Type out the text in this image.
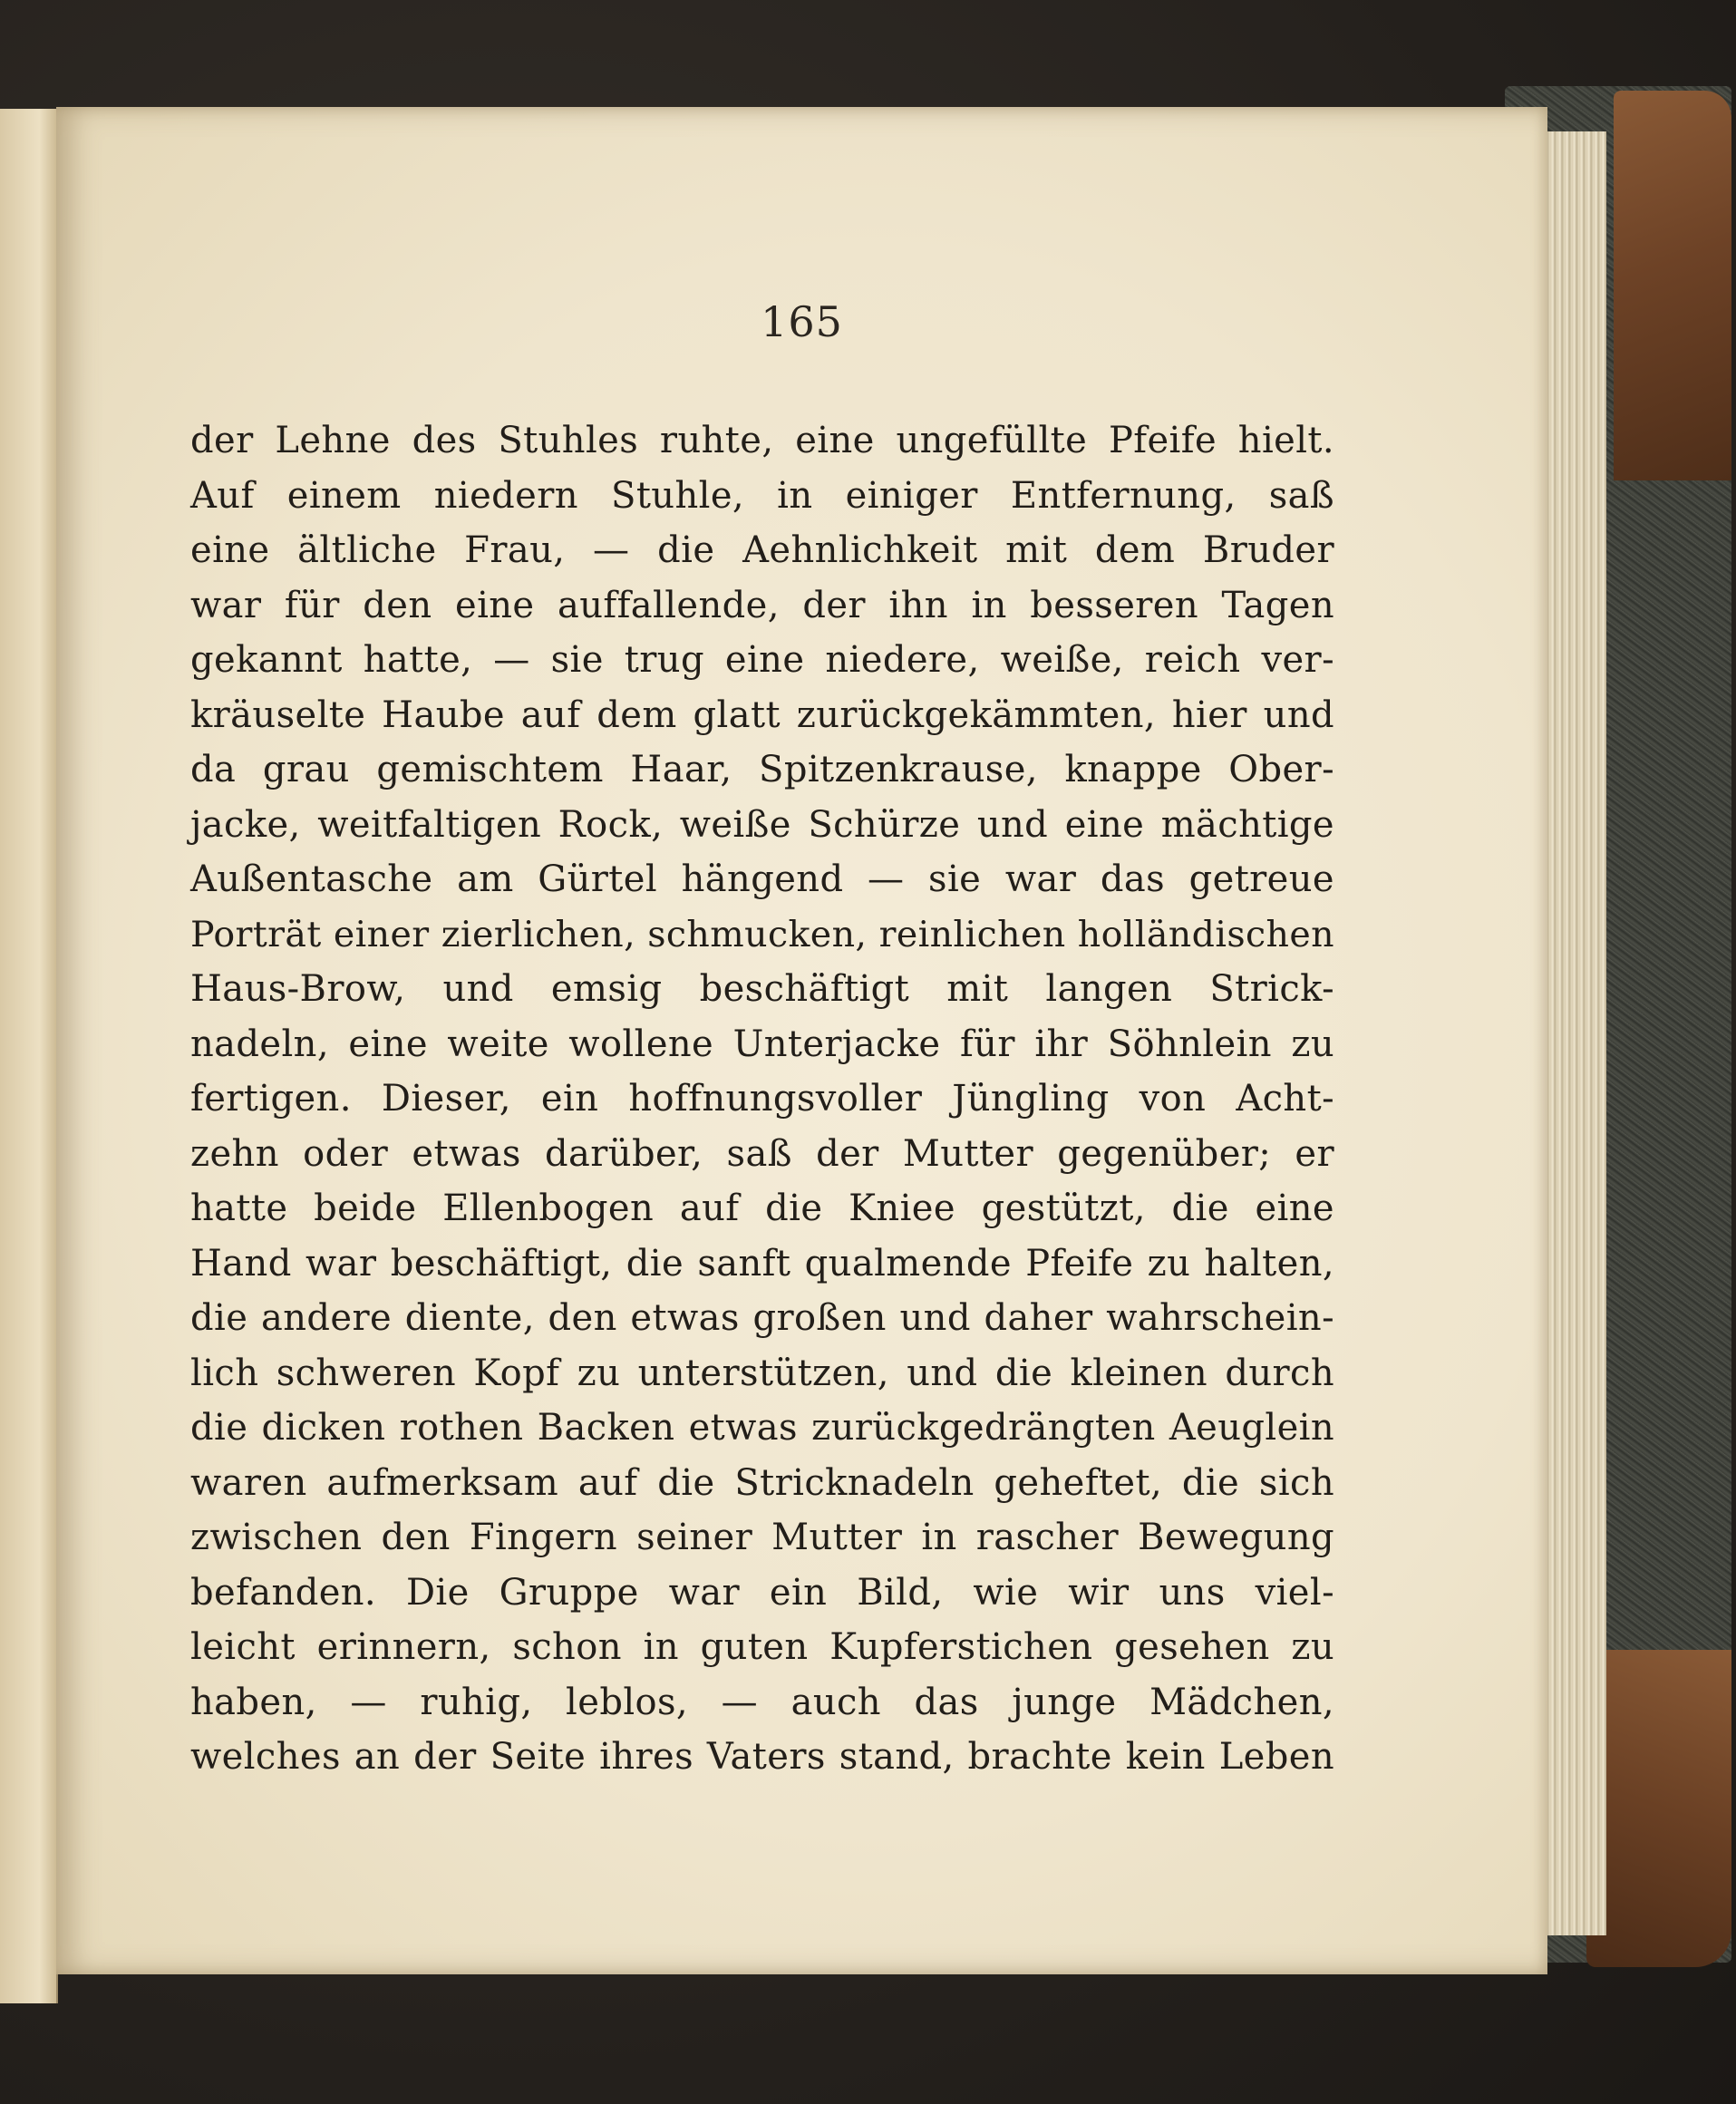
165
der Lehne des Stuhles ruhte, eine ungefüllte Pfeife hielt.
Auf einem niedern Stuhle, in einiger Entfernung, saß
eine ältliche Frau, — die Aehnlichkeit mit dem Bruder
war für den eine auffallende, der ihn in besseren Tagen
gekannt hatte, — sie trug eine niedere, weiße, reich ver-
kräuselte Haube auf dem glatt zurückgekämmten, hier und
da grau gemischtem Haar, Spitzenkrause, knappe Ober-
jacke, weitfaltigen Rock, weiße Schürze und eine mächtige
Außentasche am Gürtel hängend — sie war das getreue
Porträt einer zierlichen, schmucken, reinlichen holländischen
Haus-Brow, und emsig beschäftigt mit langen Strick-
nadeln, eine weite wollene Unterjacke für ihr Söhnlein zu
fertigen. Dieser, ein hoffnungsvoller Jüngling von Acht-
zehn oder etwas darüber, saß der Mutter gegenüber; er
hatte beide Ellenbogen auf die Kniee gestützt, die eine
Hand war beschäftigt, die sanft qualmende Pfeife zu halten,
die andere diente, den etwas großen und daher wahrschein-
lich schweren Kopf zu unterstützen, und die kleinen durch
die dicken rothen Backen etwas zurückgedrängten Aeuglein
waren aufmerksam auf die Stricknadeln geheftet, die sich
zwischen den Fingern seiner Mutter in rascher Bewegung
befanden. Die Gruppe war ein Bild, wie wir uns viel-
leicht erinnern, schon in guten Kupferstichen gesehen zu
haben, — ruhig, leblos, — auch das junge Mädchen,
welches an der Seite ihres Vaters stand, brachte kein Leben
